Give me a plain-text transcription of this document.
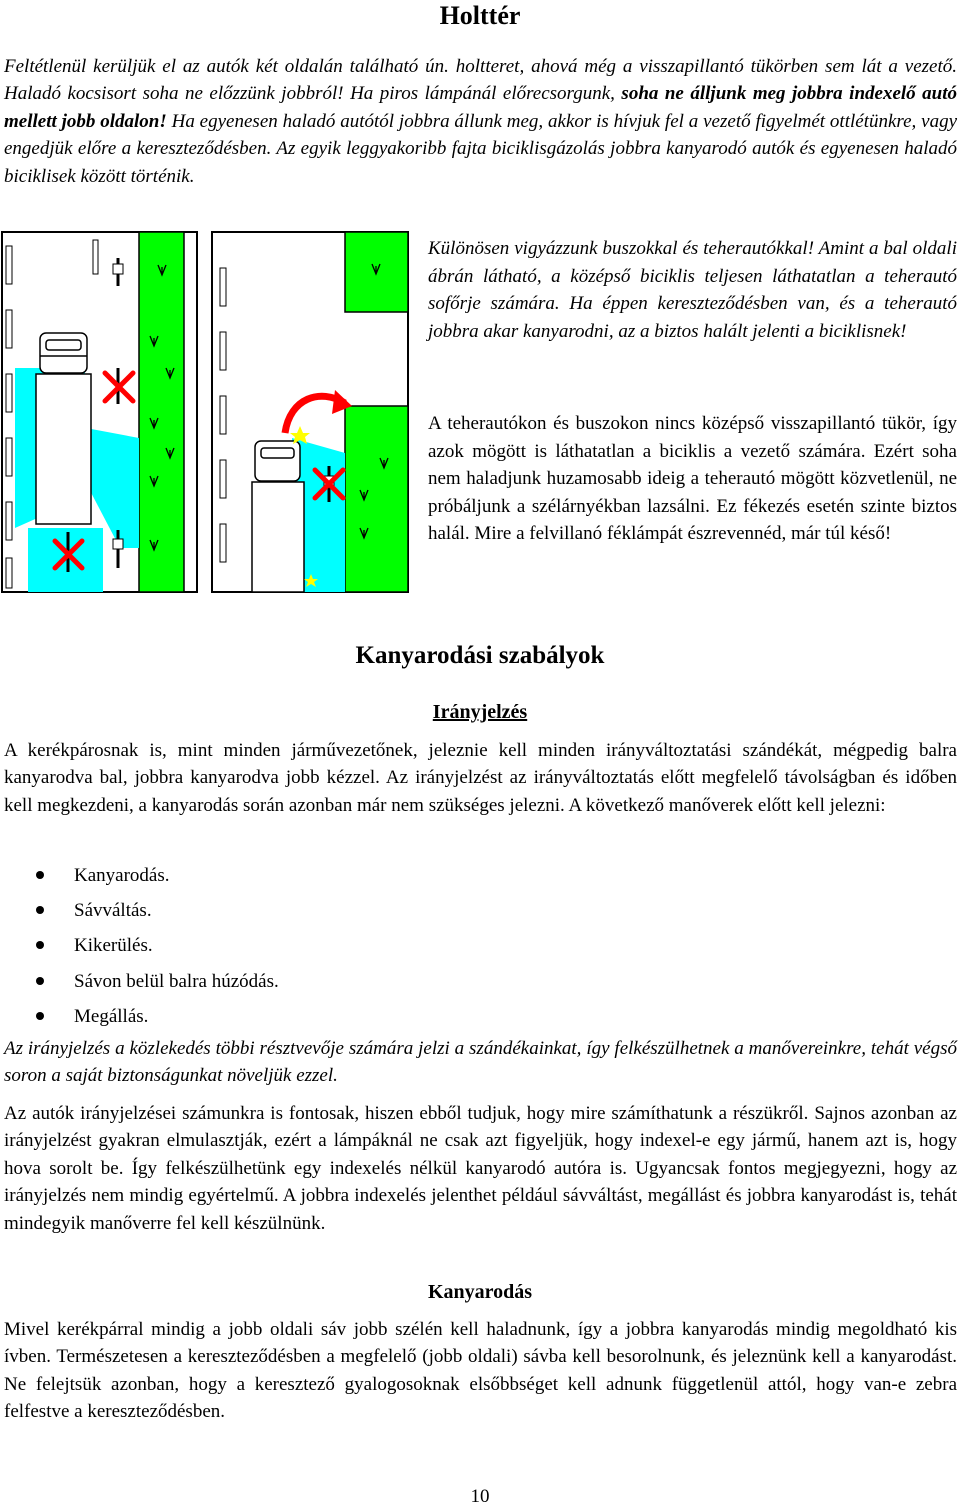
Holttér

Feltétlenül kerüljük el az autók két oldalán található ún. holtteret, ahová még a visszapillantó tükörben sem lát a vezető. Haladó kocsisort soha ne előzzünk jobbról! Ha piros lámpánál előrecsorgunk, soha ne álljunk meg jobbra indexelő autó mellett jobb oldalon! Ha egyenesen haladó autótól jobbra állunk meg, akkor is hívjuk fel a vezető figyelmét ottlétünkre, vagy engedjük előre a kereszteződésben. Az egyik leggyakoribb fajta biciklisgázolás jobbra kanyarodó autók és egyenesen haladó biciklisek között történik.

Különösen vigyázzunk buszokkal és teherautókkal! Amint a bal oldali ábrán látható, a középső biciklis teljesen láthatatlan a teherautó sofőrje számára. Ha éppen kereszteződésben van, és a teherautó jobbra akar kanyarodni, az a biztos halált jelenti a biciklisnek!

A teherautókon és buszokon nincs középső visszapillantó tükör, így azok mögött is láthatatlan a biciklis a vezető számára. Ezért soha nem haladjunk huzamosabb ideig a teherautó mögött közvetlenül, ne próbáljunk a szélárnyékban lazsálni. Ez fékezés esetén szinte biztos halál. Mire a felvillanó féklámpát észrevennéd, már túl késő!

Kanyarodási szabályok
Irányjelzés

A kerékpárosnak is, mint minden járművezetőnek, jeleznie kell minden irányváltoztatási szándékát, mégpedig balra kanyarodva bal, jobbra kanyarodva jobb kézzel. Az irányjelzést az irányváltoztatás előtt megfelelő távolságban és időben kell megkezdeni, a kanyarodás során azonban már nem szükséges jelezni. A következő manőverek előtt kell jelezni:

Kanyarodás.
Sávváltás.
Kikerülés.
Sávon belül balra húzódás.
Megállás.

Az irányjelzés a közlekedés többi résztvevője számára jelzi a szándékainkat, így felkészülhetnek a manővereinkre, tehát végső soron a saját biztonságunkat növeljük ezzel.

Az autók irányjelzései számunkra is fontosak, hiszen ebből tudjuk, hogy mire számíthatunk a részükről. Sajnos azonban az irányjelzést gyakran elmulasztják, ezért a lámpáknál ne csak azt figyeljük, hogy indexel-e egy jármű, hanem azt is, hogy hova sorolt be. Így felkészülhetünk egy indexelés nélkül kanyarodó autóra is. Ugyancsak fontos megjegyezni, hogy az irányjelzés nem mindig egyértelmű. A jobbra indexelés jelenthet például sávváltást, megállást és jobbra kanyarodást is, tehát mindegyik manőverre fel kell készülnünk.

Kanyarodás

Mivel kerékpárral mindig a jobb oldali sáv jobb szélén kell haladnunk, így a jobbra kanyarodás mindig megoldható kis ívben. Természetesen a kereszteződésben a megfelelő (jobb oldali) sávba kell besorolnunk, és jeleznünk kell a kanyarodást. Ne felejtsük azonban, hogy a keresztező gyalogosoknak elsőbbséget kell adnunk függetlenül attól, hogy van-e zebra felfestve a kereszteződésben.

10
